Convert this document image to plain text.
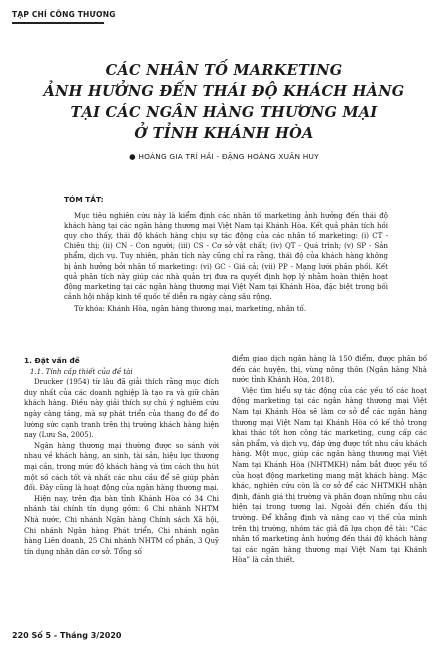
TẠP CHÍ CÔNG THƯƠNG
CÁC NHÂN TỐ MARKETING
ẢNH HƯỞNG ĐẾN THÁI ĐỘ KHÁCH HÀNG
TẠI CÁC NGÂN HÀNG THƯƠNG MẠI
Ở TỈNH KHÁNH HÒA
● HOÀNG GIA TRÍ HẢI - ĐẶNG HOÀNG XUÂN HUY
TÓM TẮT:

Mục tiêu nghiên cứu này là kiểm định các nhân tố marketing ảnh hưởng đến thái độ khách hàng tại các ngân hàng thương mại Việt Nam tại Khánh Hòa. Kết quả phân tích hồi quy cho thấy, thái độ khách hàng chịu sự tác động của các nhân tố marketing: (i) CT - Chiêu thị; (ii) CN - Con người; (iii) CS - Cơ sở vật chất; (iv) QT - Quá trình; (v) SP - Sản phẩm, dịch vụ. Tuy nhiên, phân tích này cũng chỉ ra rằng, thái độ của khách hàng không bị ảnh hưởng bởi nhân tố marketing: (vi) GC - Giá cả; (vii) PP - Mạng lưới phân phối. Kết quả phân tích này giúp các nhà quản trị đưa ra quyết định hợp lý nhằm hoàn thiện hoạt động marketing tại các ngân hàng thương mại Việt Nam tại Khánh Hòa, đặc biệt trong bối cảnh hội nhập kinh tế quốc tế diễn ra ngày càng sâu rộng.

Từ khóa: Khánh Hòa, ngân hàng thương mại, marketing, nhân tố.

1. Đặt vấn đề
1.1. Tính cấp thiết của đề tài

Drucker (1954) từ lâu đã giải thích rằng mục đích duy nhất của các doanh nghiệp là tạo ra và giữ chân khách hàng. Điều này giải thích sự chú ý nghiêm cứu ngày càng tăng, mà sự phát triển của thang đo để đo lường sức cạnh tranh trên thị trường khách hàng hiện nay (Lưu Sa, 2005).

Ngân hàng thương mại thường được so sánh với nhau về khách hàng, an sinh, tài sản, hiệu lực thương mại cần, trong mức độ khách hàng và tìm cách thu hút một số cách tốt và nhất các nhu cầu để sẽ giúp phản đối. Đây cũng là hoạt động của ngân hàng thương mại.

Hiện nay, trên địa bàn tỉnh Khánh Hòa có 34 Chi nhánh tài chính tín dụng gồm: 6 Chi nhánh NHTM Nhà nước, Chi nhánh Ngân hàng Chính sách Xã hội, Chi nhánh Ngân hàng Phát triển, Chi nhánh ngân hàng Liên doanh, 25 Chi nhánh NHTM cổ phần, 3 Quỹ tín dụng nhân dân cơ sở. Tổng số

điểm giao dịch ngân hàng là 150 điểm, được phân bố đến các huyện, thị, vùng nông thôn (Ngân hàng Nhà nước tỉnh Khánh Hòa, 2018).

Việc tìm hiểu sự tác động của các yếu tố các hoạt động marketing tại các ngân hàng thương mại Việt Nam tại Khánh Hòa sẽ làm cơ sở để các ngân hàng thương mại Việt Nam tại Khánh Hòa có kế thỏ trong khai thác tốt hơn công tác marketing, cung cấp các sản phẩm, và dịch vụ, đáp ứng được tốt nhu cầu khách hàng. Một mục, giúp các ngân hàng thương mại Việt Nam tại Khánh Hòa (NHTMKH) nắm bắt được yếu tố của hoạt động marketing mang mặt khách hàng. Mặc khác, nghiên cứu còn là cơ sở để các NHTMKH nhận định, đánh giá thị trường và phân đoạn những nhu cầu hiện tại trong tương lai. Ngoài đến chiến đấu thị trường. Để khẳng định và nâng cao vị thế của mình trên thị trường, nhóm tác giả đã lựa chọn đề tài: “Các nhân tố marketing ảnh hưởng đến thái độ khách hàng tại các ngân hàng thương mại Việt Nam tại Khánh Hòa” là cần thiết.

220 Số 5 - Tháng 3/2020
